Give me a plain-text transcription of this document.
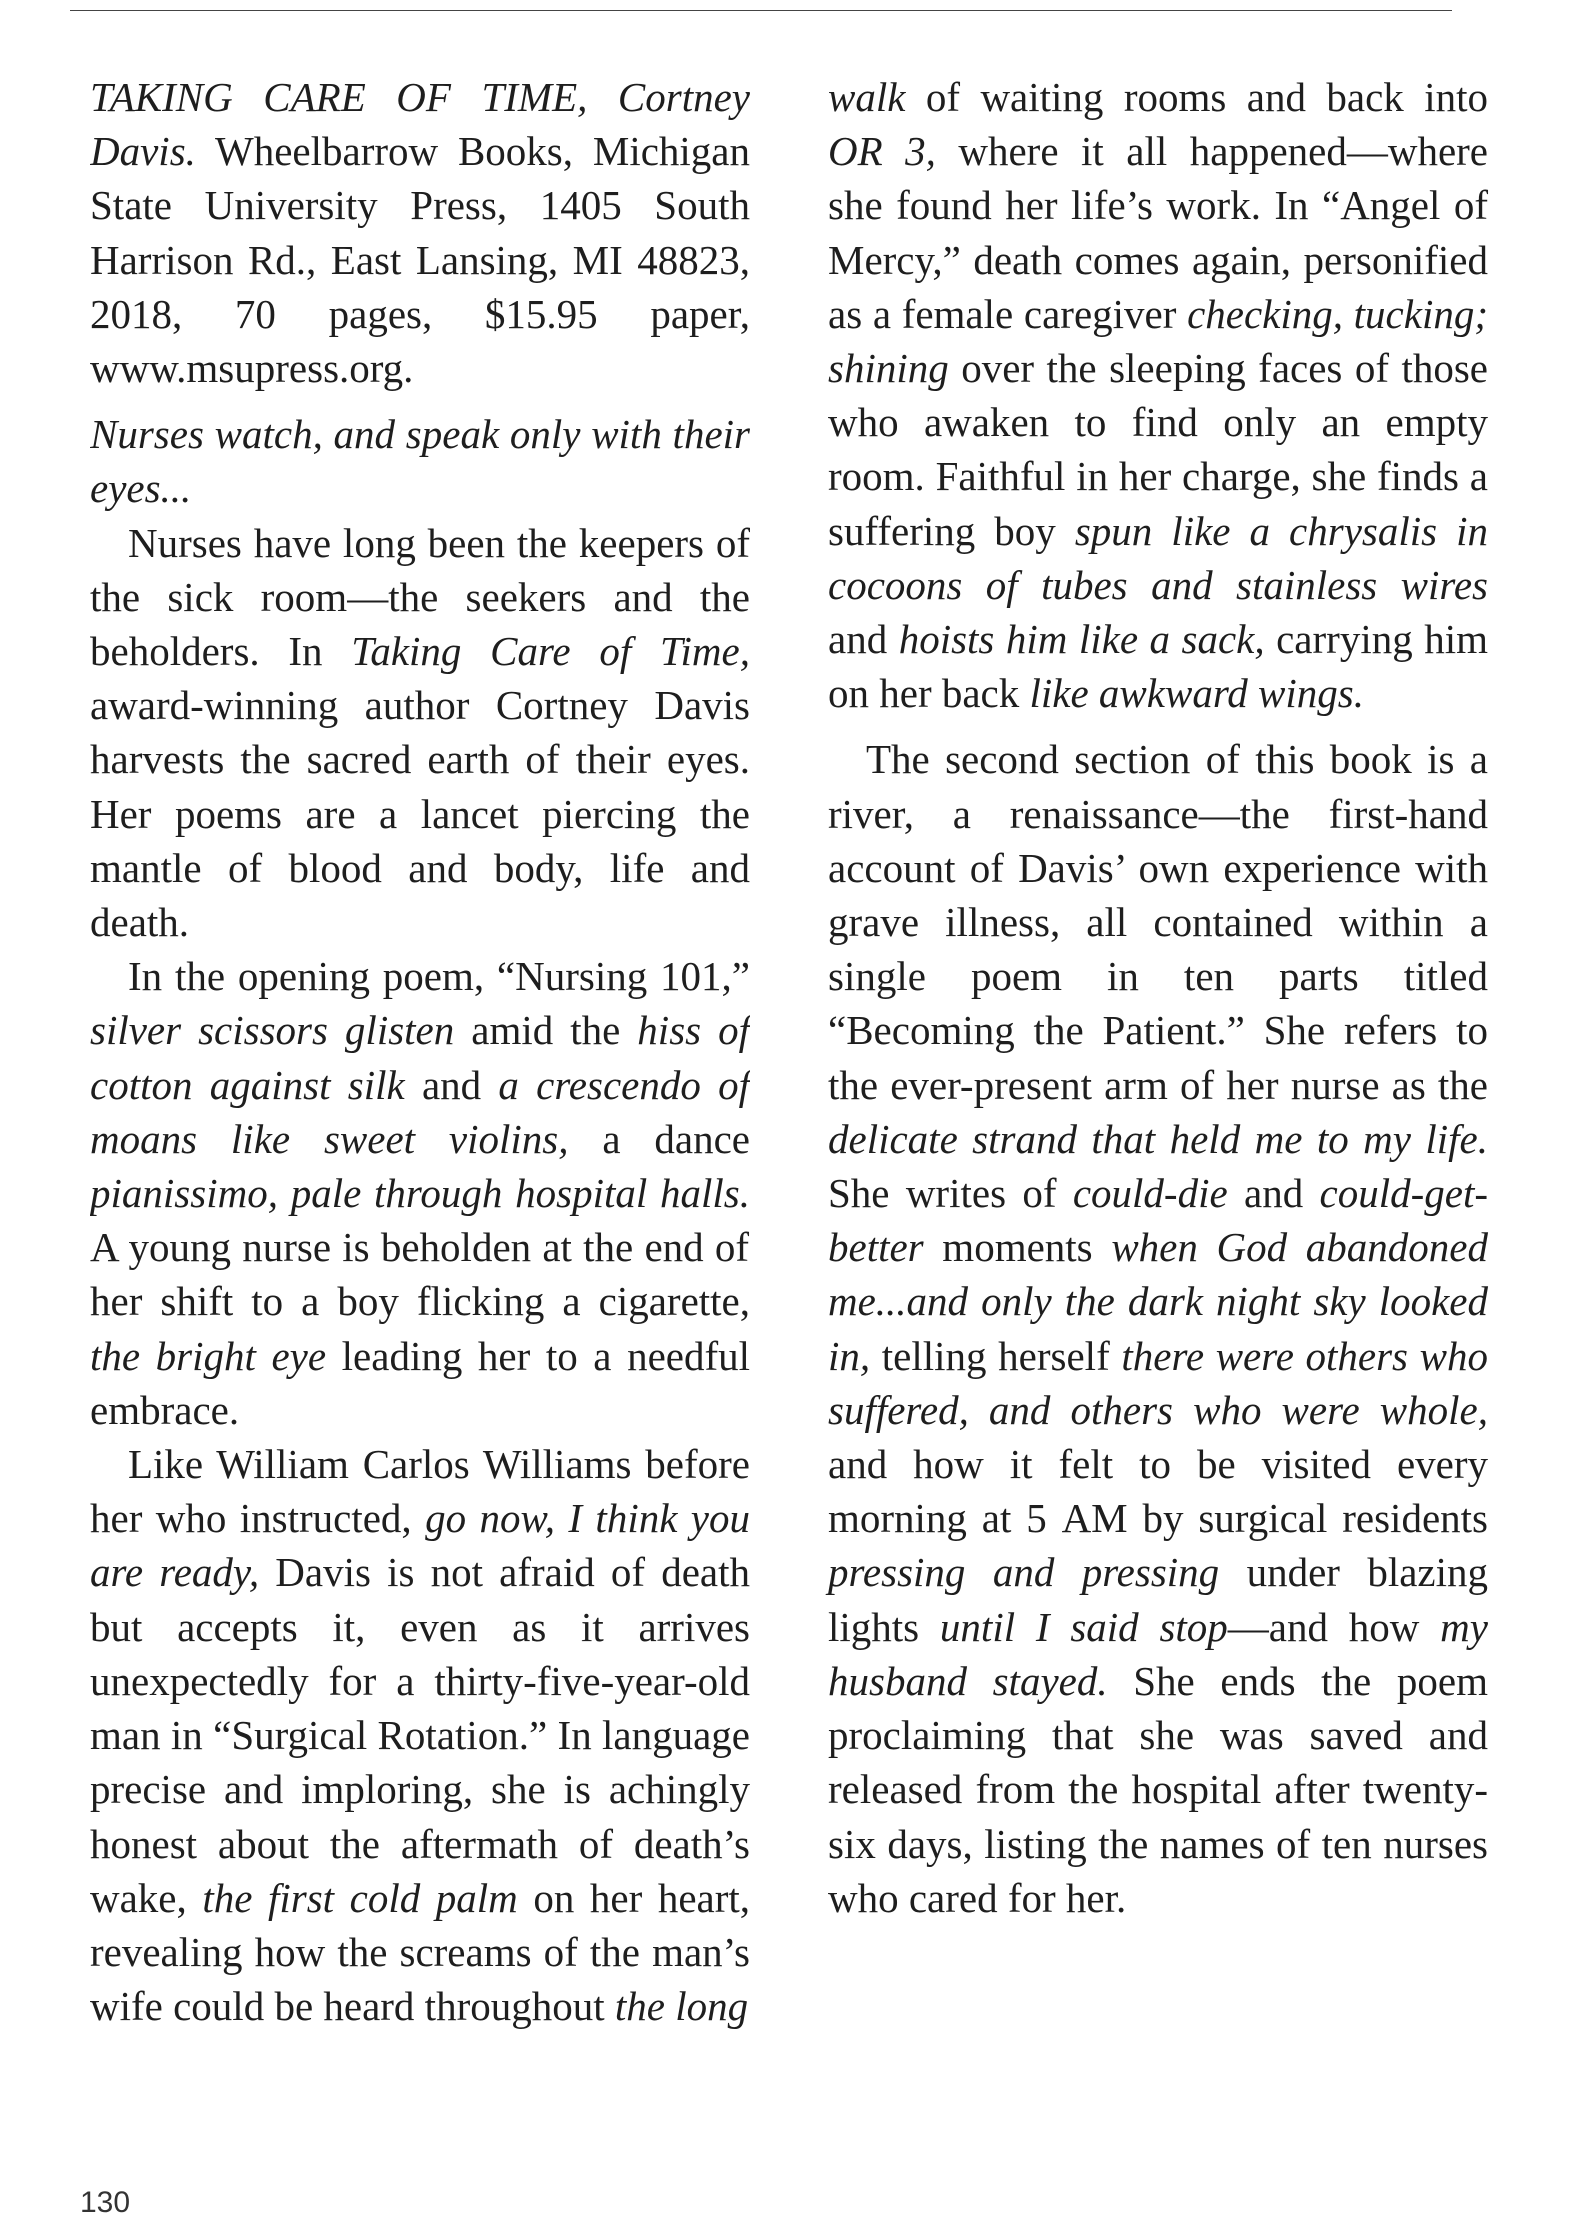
TAKING CARE OF TIME, Cortney Davis. Wheelbarrow Books, Michigan State University Press, 1405 South Harrison Rd., East Lansing, MI 48823, 2018, 70 pages, $15.95 paper, www.msupress.org.

Nurses watch, and speak only with their eyes...

Nurses have long been the keepers of the sick room—the seekers and the beholders. In Taking Care of Time, award-winning author Cortney Davis harvests the sacred earth of their eyes. Her poems are a lancet piercing the mantle of blood and body, life and death.

In the opening poem, “Nursing 101,” silver scissors glisten amid the hiss of cotton against silk and a crescendo of moans like sweet violins, a dance pianissimo, pale through hospital halls. A young nurse is beholden at the end of her shift to a boy flicking a cigarette, the bright eye leading her to a needful embrace.

Like William Carlos Williams before her who instructed, go now, I think you are ready, Davis is not afraid of death but accepts it, even as it arrives unexpectedly for a thirty-five-year-old man in “Surgical Rotation.” In language precise and imploring, she is achingly honest about the aftermath of death’s wake, the first cold palm on her heart, revealing how the screams of the man’s wife could be heard throughout the long

walk of waiting rooms and back into OR 3, where it all happened—where she found her life’s work. In “Angel of Mercy,” death comes again, personified as a female caregiver checking, tucking; shining over the sleeping faces of those who awaken to find only an empty room. Faithful in her charge, she finds a suffering boy spun like a chrysalis in cocoons of tubes and stainless wires and hoists him like a sack, carrying him on her back like awkward wings.

The second section of this book is a river, a renaissance—the first-hand account of Davis’ own experience with grave illness, all contained within a single poem in ten parts titled “Becoming the Patient.” She refers to the ever-present arm of her nurse as the delicate strand that held me to my life. She writes of could-die and could-get-better moments when God abandoned me...and only the dark night sky looked in, telling herself there were others who suffered, and others who were whole, and how it felt to be visited every morning at 5 AM by surgical residents pressing and pressing under blazing lights until I said stop—and how my husband stayed. She ends the poem proclaiming that she was saved and released from the hospital after twenty-six days, listing the names of ten nurses who cared for her.

130
